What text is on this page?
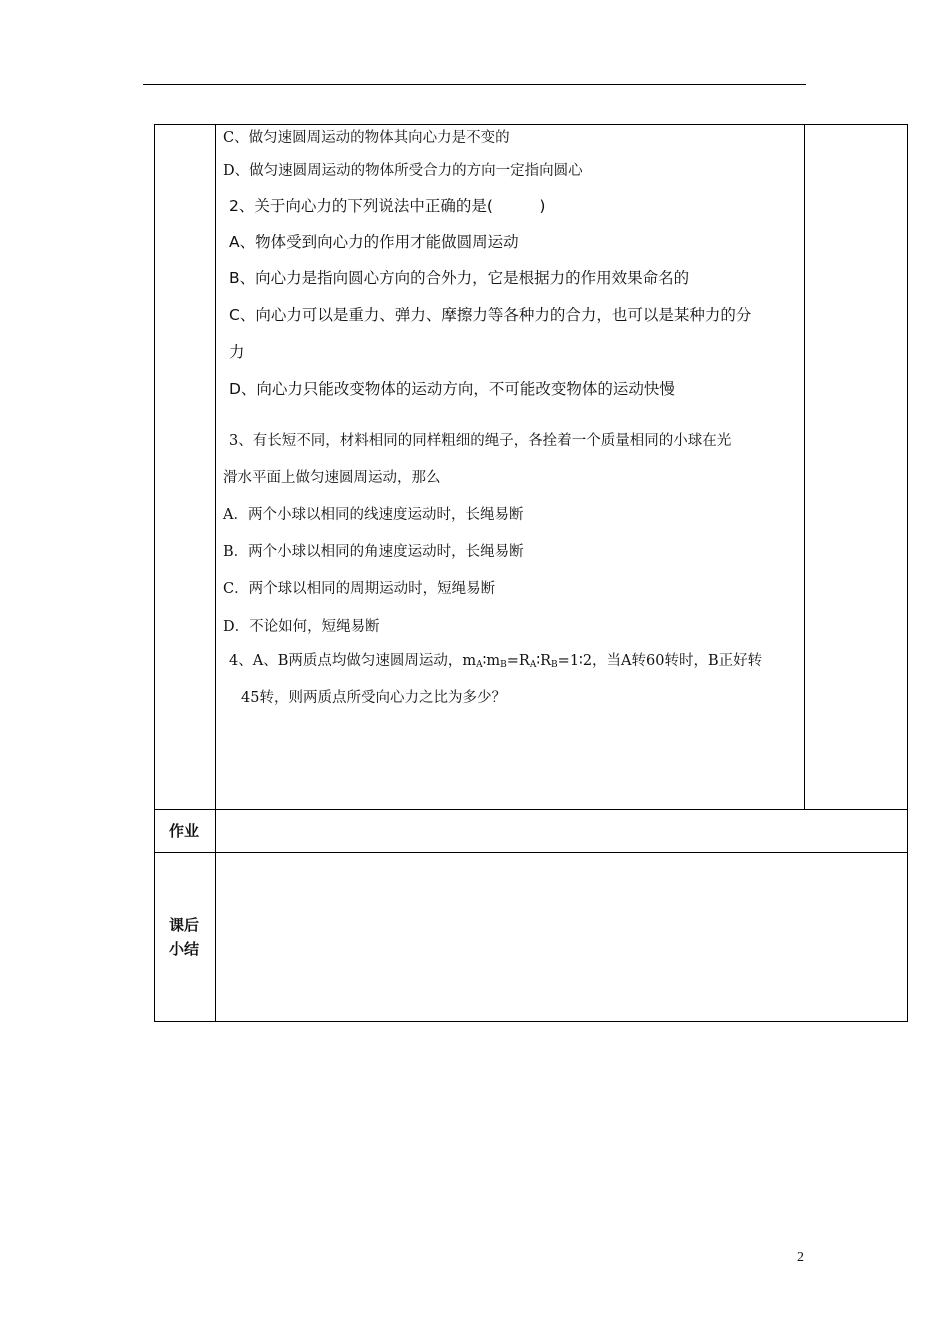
C、做匀速圆周运动的物体其向心力是不变的
D、做匀速圆周运动的物体所受合力的方向一定指向圆心
2、关于向心力的下列说法中正确的是(　　　)
A、物体受到向心力的作用才能做圆周运动
B、向心力是指向圆心方向的合外力，它是根据力的作用效果命名的
C、向心力可以是重力、弹力、摩擦力等各种力的合力，也可以是某种力的分
力
D、向心力只能改变物体的运动方向，不可能改变物体的运动快慢
3、有长短不同，材料相同的同样粗细的绳子，各拴着一个质量相同的小球在光
滑水平面上做匀速圆周运动，那么
A．两个小球以相同的线速度运动时，长绳易断
B．两个小球以相同的角速度运动时，长绳易断
C．两个球以相同的周期运动时，短绳易断
D．不论如何，短绳易断
4、A、B两质点均做匀速圆周运动，$m_A∶m_B=R_A∶R_B=1∶2$，当A转60转时，B正好转
45转，则两质点所受向心力之比为多少？
作业
课后
小结
2
